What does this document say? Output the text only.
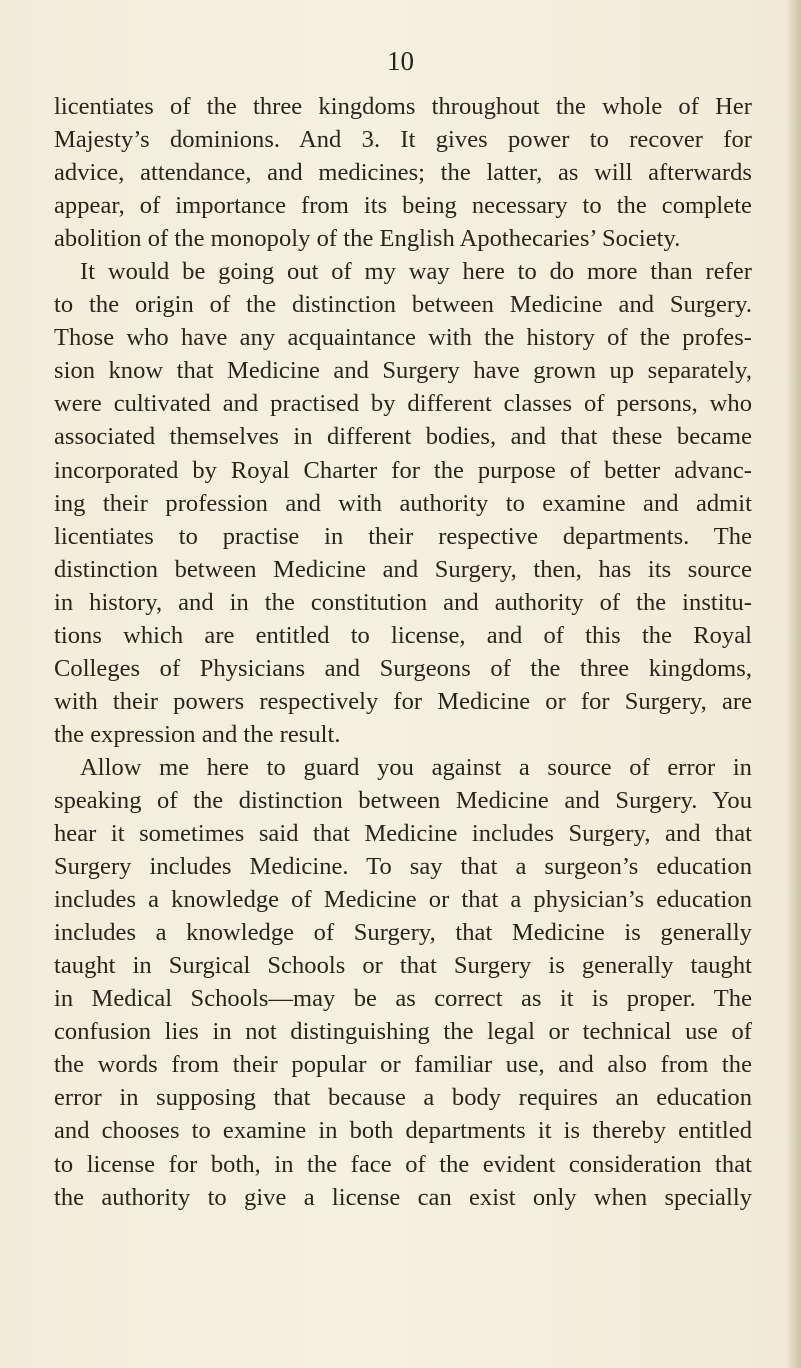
10
licentiates of the three kingdoms throughout the whole of Her
Majesty’s dominions. And 3. It gives power to recover for
advice, attendance, and medicines; the latter, as will afterwards
appear, of importance from its being necessary to the complete
abolition of the monopoly of the English Apothecaries’ Society.
It would be going out of my way here to do more than refer
to the origin of the distinction between Medicine and Surgery.
Those who have any acquaintance with the history of the profes-
sion know that Medicine and Surgery have grown up separately,
were cultivated and practised by different classes of persons, who
associated themselves in different bodies, and that these became
incorporated by Royal Charter for the purpose of better advanc-
ing their profession and with authority to examine and admit
licentiates to practise in their respective departments. The
distinction between Medicine and Surgery, then, has its source
in history, and in the constitution and authority of the institu-
tions which are entitled to license, and of this the Royal
Colleges of Physicians and Surgeons of the three kingdoms,
with their powers respectively for Medicine or for Surgery, are
the expression and the result.
Allow me here to guard you against a source of error in
speaking of the distinction between Medicine and Surgery. You
hear it sometimes said that Medicine includes Surgery, and that
Surgery includes Medicine. To say that a surgeon’s education
includes a knowledge of Medicine or that a physician’s education
includes a knowledge of Surgery, that Medicine is generally
taught in Surgical Schools or that Surgery is generally taught
in Medical Schools—may be as correct as it is proper. The
confusion lies in not distinguishing the legal or technical use of
the words from their popular or familiar use, and also from the
error in supposing that because a body requires an education
and chooses to examine in both departments it is thereby entitled
to license for both, in the face of the evident consideration that
the authority to give a license can exist only when specially
